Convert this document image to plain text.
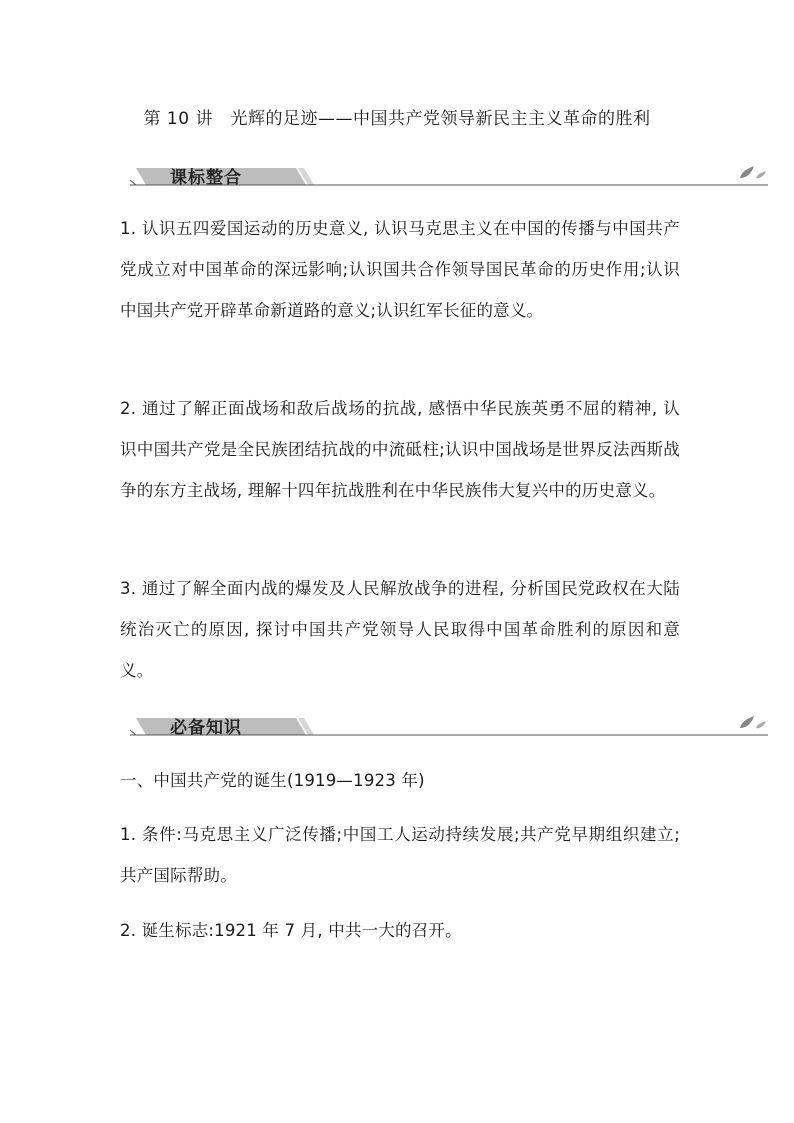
第 10 讲　光辉的足迹——中国共产党领导新民主主义革命的胜利
课标整合
1. 认识五四爱国运动的历史意义, 认识马克思主义在中国的传播与中国共产党成立对中国革命的深远影响;认识国共合作领导国民革命的历史作用;认识中国共产党开辟革命新道路的意义;认识红军长征的意义。
2. 通过了解正面战场和敌后战场的抗战, 感悟中华民族英勇不屈的精神, 认识中国共产党是全民族团结抗战的中流砥柱;认识中国战场是世界反法西斯战争的东方主战场, 理解十四年抗战胜利在中华民族伟大复兴中的历史意义。
3. 通过了解全面内战的爆发及人民解放战争的进程, 分析国民党政权在大陆统治灭亡的原因, 探讨中国共产党领导人民取得中国革命胜利的原因和意义。
必备知识
一、中国共产党的诞生(1919—1923 年)
1. 条件:马克思主义广泛传播;中国工人运动持续发展;共产党早期组织建立;共产国际帮助。
2. 诞生标志:1921 年 7 月, 中共一大的召开。
